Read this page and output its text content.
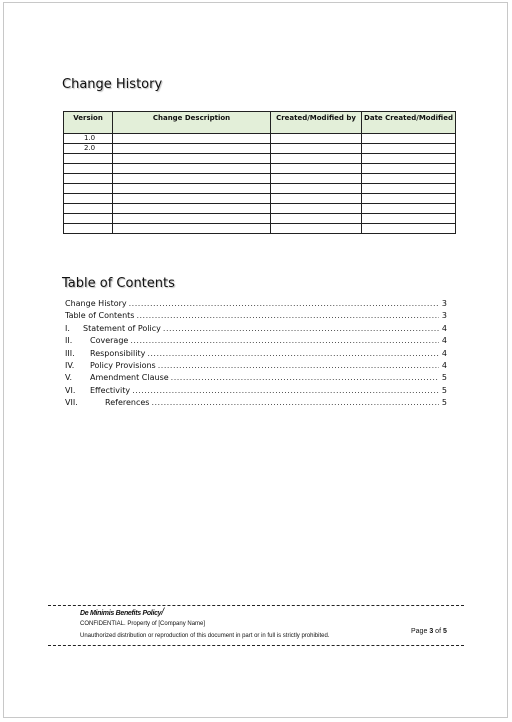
Change History
Version	Change Description	Created/Modified by	Date Created/Modified
1.0			
2.0			

Table of Contents
Change History .....	3
Table of Contents .....	3
I.	Statement of Policy .....	4
II.	Coverage .....	4
III.	Responsibility .....	4
IV.	Policy Provisions .....	4
V.	Amendment Clause .....	5
VI.	Effectivity .....	5
VII.	References .....	5
De Minimis Benefits Policy/
CONFIDENTIAL. Property of [Company Name]
Unauthorized distribution or reproduction of this document in part or in full is strictly prohibited.
Page 3 of 5
